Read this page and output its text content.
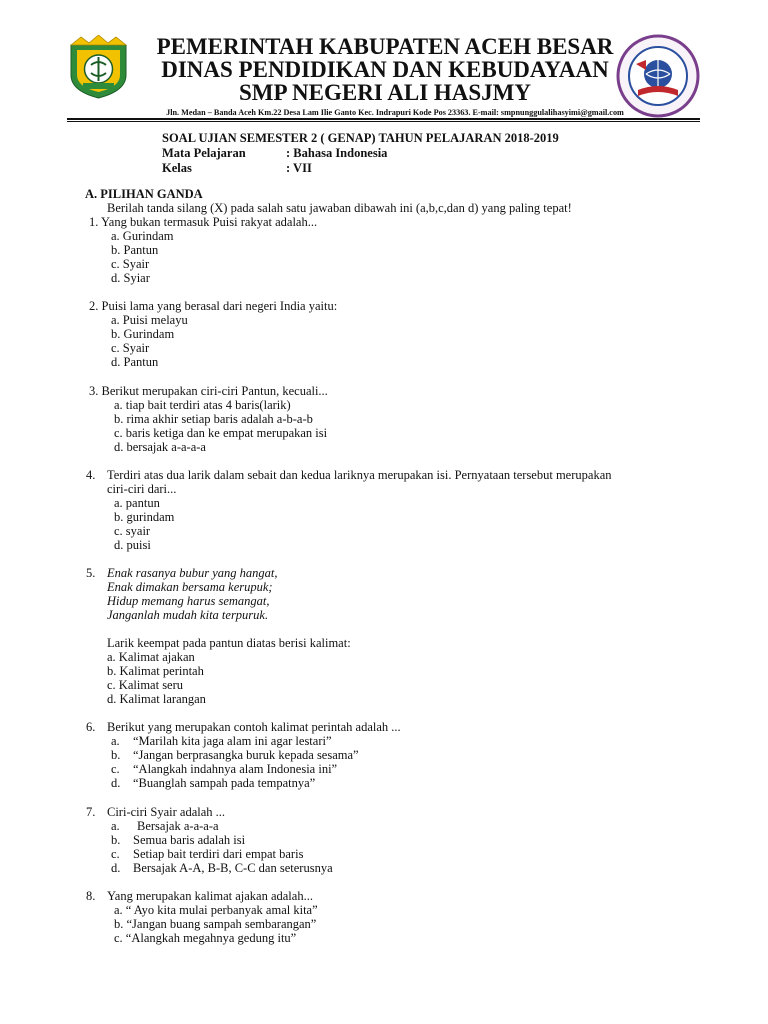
PEMERINTAH KABUPATEN ACEH BESAR
DINAS PENDIDIKAN DAN KEBUDAYAAN
SMP NEGERI ALI HASJMY
Jln. Medan – Banda Aceh Km.22 Desa Lam Ilie Ganto Kec. Indrapuri Kode Pos 23363. E-mail: smpnunggulalihasyimi@gmail.com
SOAL UJIAN SEMESTER 2 ( GENAP) TAHUN PELAJARAN 2018-2019
Mata Pelajaran	: Bahasa Indonesia
Kelas	: VII
A. PILIHAN GANDA
Berilah tanda silang (X) pada salah satu jawaban dibawah ini (a,b,c,dan d) yang paling tepat!
1. Yang bukan termasuk Puisi rakyat adalah...
a. Gurindam
b. Pantun
c. Syair
d. Syiar
2. Puisi lama yang berasal dari negeri India yaitu:
a. Puisi melayu
b. Gurindam
c. Syair
d. Pantun
3. Berikut merupakan ciri-ciri Pantun, kecuali...
a. tiap bait terdiri atas 4 baris(larik)
b. rima akhir setiap baris adalah a-b-a-b
c. baris ketiga dan ke empat merupakan isi
d. bersajak a-a-a-a
4. Terdiri atas dua larik dalam sebait dan kedua lariknya merupakan isi. Pernyataan tersebut merupakan
ciri-ciri dari...
a. pantun
b. gurindam
c. syair
d. puisi
5. Enak rasanya bubur yang hangat,
Enak dimakan bersama kerupuk;
Hidup memang harus semangat,
Janganlah mudah kita terpuruk.
Larik keempat pada pantun diatas berisi kalimat:
a. Kalimat ajakan
b. Kalimat perintah
c. Kalimat seru
d. Kalimat larangan
6. Berikut yang merupakan contoh kalimat perintah adalah ...
a. “Marilah kita jaga alam ini agar lestari”
b. “Jangan berprasangka buruk kepada sesama”
c. “Alangkah indahnya alam Indonesia ini”
d. “Buanglah sampah pada tempatnya”
7. Ciri-ciri Syair adalah ...
a. Bersajak a-a-a-a
b. Semua baris adalah isi
c. Setiap bait terdiri dari empat baris
d. Bersajak A-A, B-B, C-C dan seterusnya
8. Yang merupakan kalimat ajakan adalah...
a. “ Ayo kita mulai perbanyak amal kita”
b. “Jangan buang sampah sembarangan”
c. “Alangkah megahnya gedung itu”
